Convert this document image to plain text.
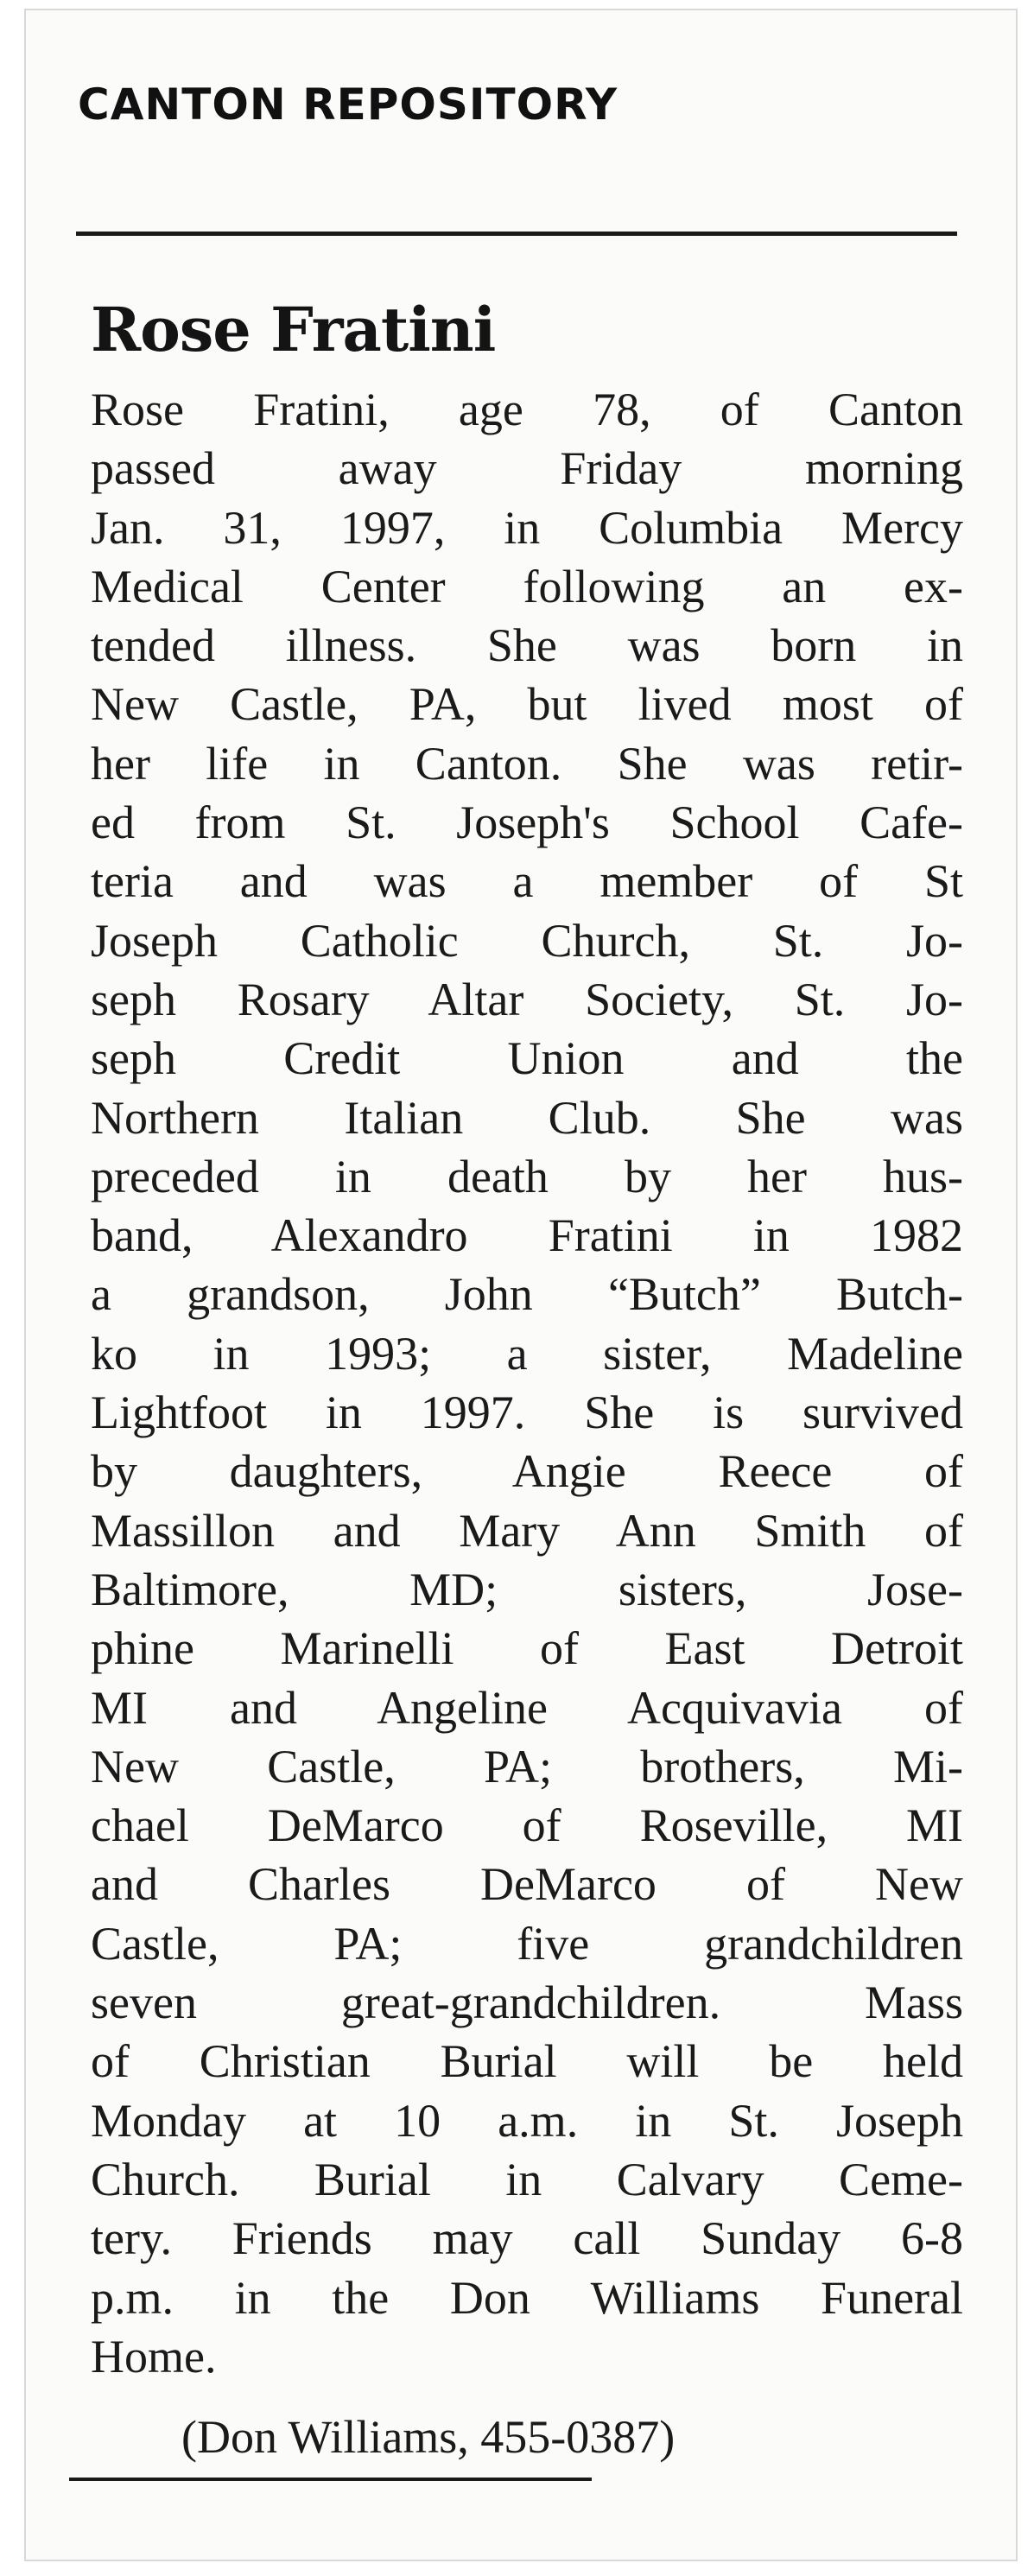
CANTON REPOSITORY
Rose Fratini
Rose Fratini, age 78, of Canton
passed away Friday morning
Jan. 31, 1997, in Columbia Mercy
Medical Center following an ex-
tended illness. She was born in
New Castle, PA, but lived most of
her life in Canton. She was retir-
ed from St. Joseph's School Cafe-
teria and was a member of St
Joseph Catholic Church, St. Jo-
seph Rosary Altar Society, St. Jo-
seph Credit Union and the
Northern Italian Club. She was
preceded in death by her hus-
band, Alexandro Fratini in 1982
a grandson, John “Butch” Butch-
ko in 1993; a sister, Madeline
Lightfoot in 1997. She is survived
by daughters, Angie Reece of
Massillon and Mary Ann Smith of
Baltimore, MD; sisters, Jose-
phine Marinelli of East Detroit
MI and Angeline Acquivavia of
New Castle, PA; brothers, Mi-
chael DeMarco of Roseville, MI
and Charles DeMarco of New
Castle, PA; five grandchildren
seven great-grandchildren. Mass
of Christian Burial will be held
Monday at 10 a.m. in St. Joseph
Church. Burial in Calvary Ceme-
tery. Friends may call Sunday 6-8
p.m. in the Don Williams Funeral
Home.
(Don Williams, 455-0387)
